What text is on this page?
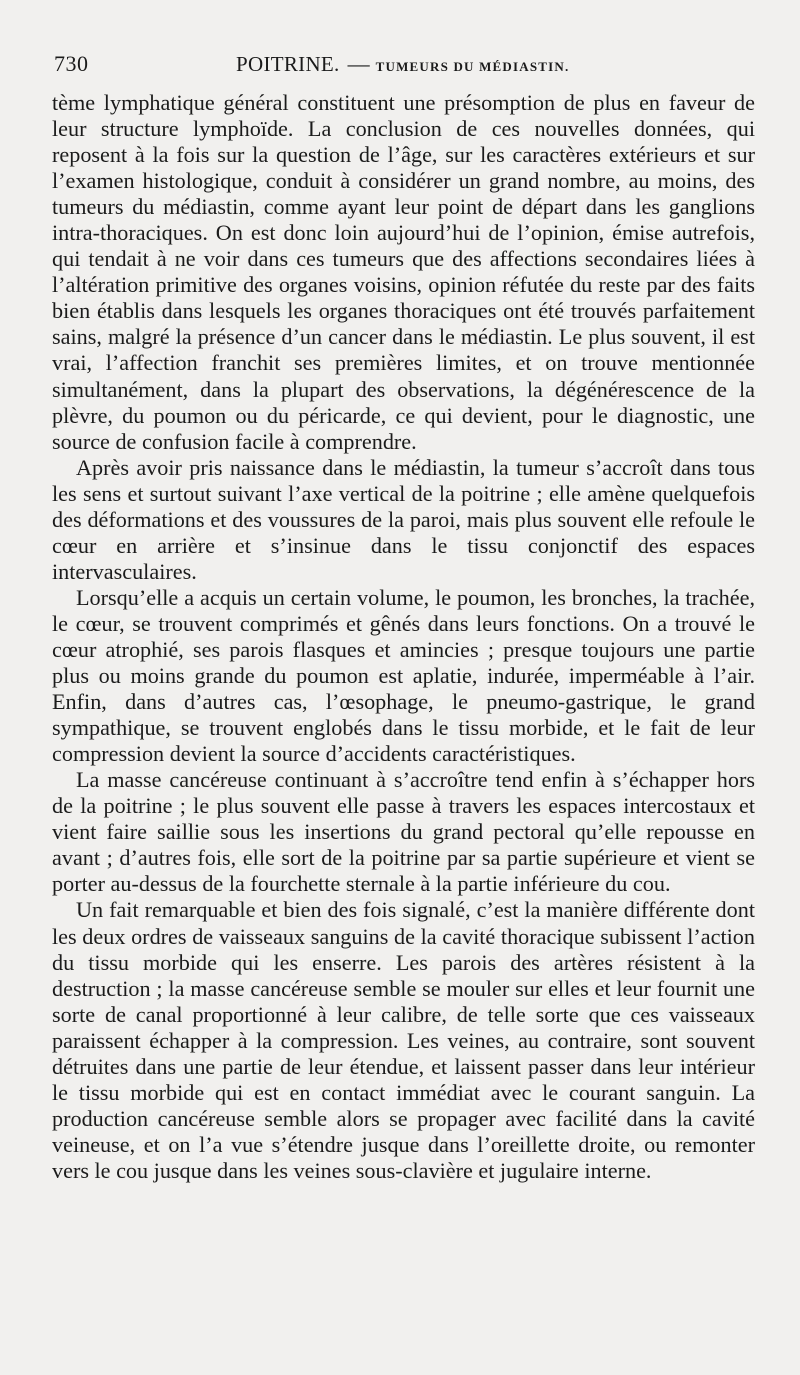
730	POITRINE. — TUMEURS DU MÉDIASTIN.

tème lymphatique général constituent une présomption de plus en faveur de leur structure lymphoïde. La conclusion de ces nouvelles données, qui reposent à la fois sur la question de l’âge, sur les caractères extérieurs et sur l’examen histologique, conduit à considérer un grand nombre, au moins, des tumeurs du médiastin, comme ayant leur point de départ dans les ganglions intra-thoraciques. On est donc loin aujourd’hui de l’opinion, émise autrefois, qui tendait à ne voir dans ces tumeurs que des affections secondaires liées à l’altération primitive des organes voisins, opinion réfutée du reste par des faits bien établis dans lesquels les organes thoraciques ont été trouvés parfaitement sains, malgré la présence d’un cancer dans le médiastin. Le plus souvent, il est vrai, l’affection franchit ses premières limites, et on trouve mentionnée simultanément, dans la plupart des observations, la dégénérescence de la plèvre, du poumon ou du péricarde, ce qui devient, pour le diagnostic, une source de confusion facile à comprendre.

Après avoir pris naissance dans le médiastin, la tumeur s’accroît dans tous les sens et surtout suivant l’axe vertical de la poitrine ; elle amène quelquefois des déformations et des voussures de la paroi, mais plus souvent elle refoule le cœur en arrière et s’insinue dans le tissu conjonctif des espaces intervasculaires.

Lorsqu’elle a acquis un certain volume, le poumon, les bronches, la trachée, le cœur, se trouvent comprimés et gênés dans leurs fonctions. On a trouvé le cœur atrophié, ses parois flasques et amincies ; presque toujours une partie plus ou moins grande du poumon est aplatie, indurée, imperméable à l’air. Enfin, dans d’autres cas, l’œsophage, le pneumo-gastrique, le grand sympathique, se trouvent englobés dans le tissu morbide, et le fait de leur compression devient la source d’accidents caractéristiques.

La masse cancéreuse continuant à s’accroître tend enfin à s’échapper hors de la poitrine ; le plus souvent elle passe à travers les espaces intercostaux et vient faire saillie sous les insertions du grand pectoral qu’elle repousse en avant ; d’autres fois, elle sort de la poitrine par sa partie supérieure et vient se porter au-dessus de la fourchette sternale à la partie inférieure du cou.

Un fait remarquable et bien des fois signalé, c’est la manière différente dont les deux ordres de vaisseaux sanguins de la cavité thoracique subissent l’action du tissu morbide qui les enserre. Les parois des artères résistent à la destruction ; la masse cancéreuse semble se mouler sur elles et leur fournit une sorte de canal proportionné à leur calibre, de telle sorte que ces vaisseaux paraissent échapper à la compression. Les veines, au contraire, sont souvent détruites dans une partie de leur étendue, et laissent passer dans leur intérieur le tissu morbide qui est en contact immédiat avec le courant sanguin. La production cancéreuse semble alors se propager avec facilité dans la cavité veineuse, et on l’a vue s’étendre jusque dans l’oreillette droite, ou remonter vers le cou jusque dans les veines sous-clavière et jugulaire interne.
